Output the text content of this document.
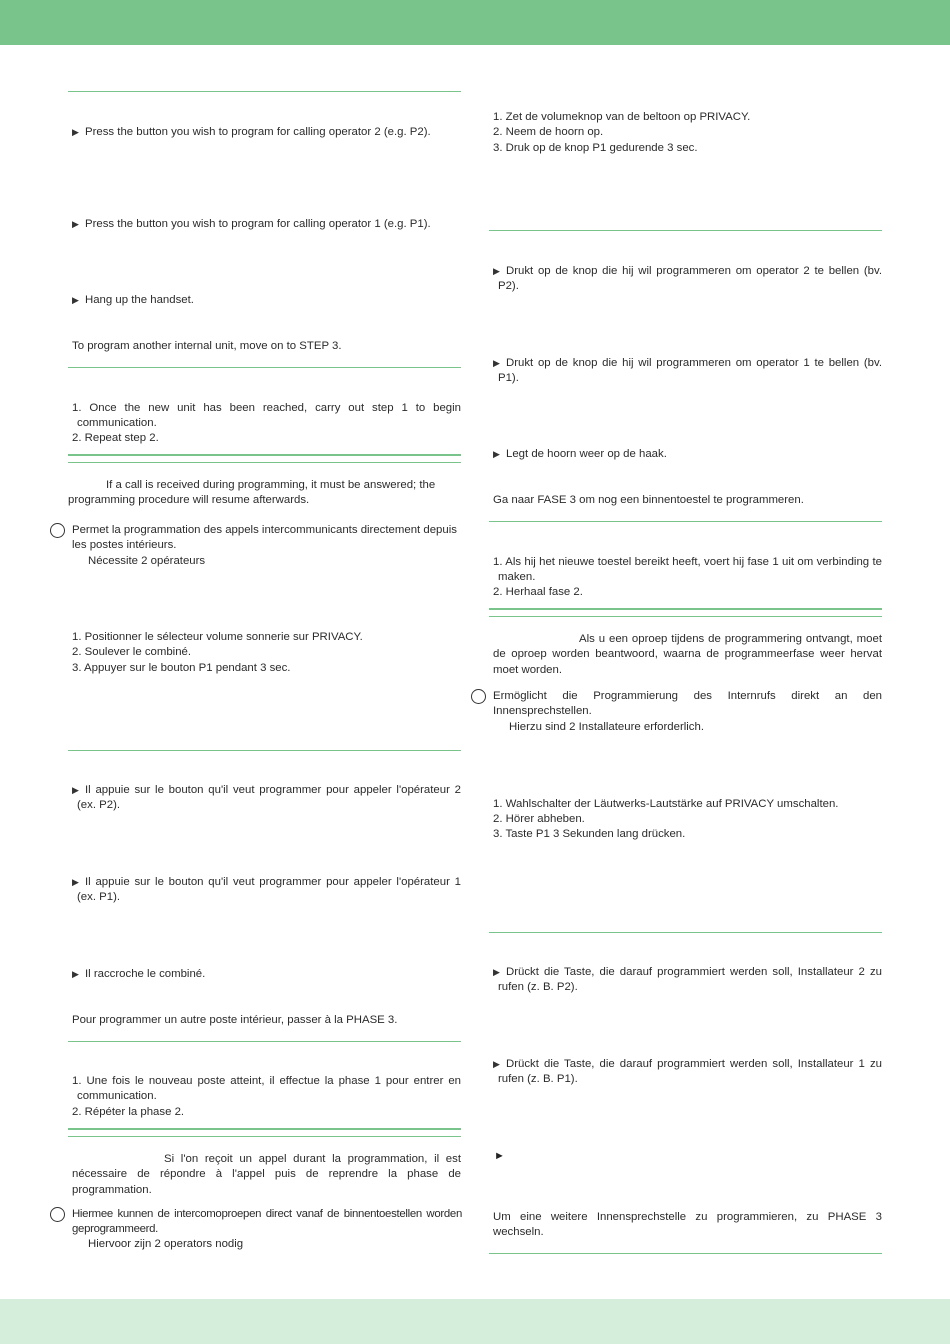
▶ Press the button you wish to program for calling operator 2 (e.g. P2).

▶ Press the button you wish to program for calling operator 1 (e.g. P1).

▶ Hang up the handset.

To program another internal unit, move on to STEP 3.

1. Once the new unit has been reached, carry out step 1 to begin communication.

2. Repeat step 2.

If a call is received during programming, it must be answered; the programming procedure will resume afterwards.

Permet la programmation des appels intercommunicants directement depuis les postes intérieurs.

Nécessite 2 opérateurs

1. Positionner le sélecteur volume sonnerie sur PRIVACY.

2. Soulever le combiné.

3. Appuyer sur le bouton P1 pendant 3 sec.

▶ Il appuie sur le bouton qu'il veut programmer pour appeler l'opérateur 2 (ex. P2).

▶ Il appuie sur le bouton qu'il veut programmer pour appeler l'opérateur 1 (ex. P1).

▶ Il raccroche le combiné.

Pour programmer un autre poste intérieur, passer à la PHASE 3.

1. Une fois le nouveau poste atteint, il effectue la phase 1 pour entrer en communication.

2. Répéter la phase 2.

Si l'on reçoit un appel durant la programmation, il est nécessaire de répondre à l'appel puis de reprendre la phase de programmation.

Hiermee kunnen de intercomoproepen direct vanaf de binnentoestellen worden geprogrammeerd.

Hiervoor zijn 2 operators nodig

1. Zet de volumeknop van de beltoon op PRIVACY.

2. Neem de hoorn op.

3. Druk op de knop P1 gedurende 3 sec.

▶ Drukt op de knop die hij wil programmeren om operator 2 te bellen (bv. P2).

▶ Drukt op de knop die hij wil programmeren om operator 1 te bellen (bv. P1).

▶ Legt de hoorn weer op de haak.

Ga naar FASE 3 om nog een binnentoestel te programmeren.

1. Als hij het nieuwe toestel bereikt heeft, voert hij fase 1 uit om verbinding te maken.

2. Herhaal fase 2.

Als u een oproep tijdens de programmering ontvangt, moet de oproep worden beantwoord, waarna de programmeerfase weer hervat moet worden.

Ermöglicht die Programmierung des Internrufs direkt an den Innensprechstellen.

Hierzu sind 2 Installateure erforderlich.

1. Wahlschalter der Läutwerks-Lautstärke auf PRIVACY umschalten.

2. Hörer abheben.

3. Taste P1 3 Sekunden lang drücken.

▶ Drückt die Taste, die darauf programmiert werden soll, Installateur 2 zu rufen (z. B. P2).

▶ Drückt die Taste, die darauf programmiert werden soll, Installateur 1 zu rufen (z. B. P1).

►

Um eine weitere Innensprechstelle zu programmieren, zu PHASE 3 wechseln.
